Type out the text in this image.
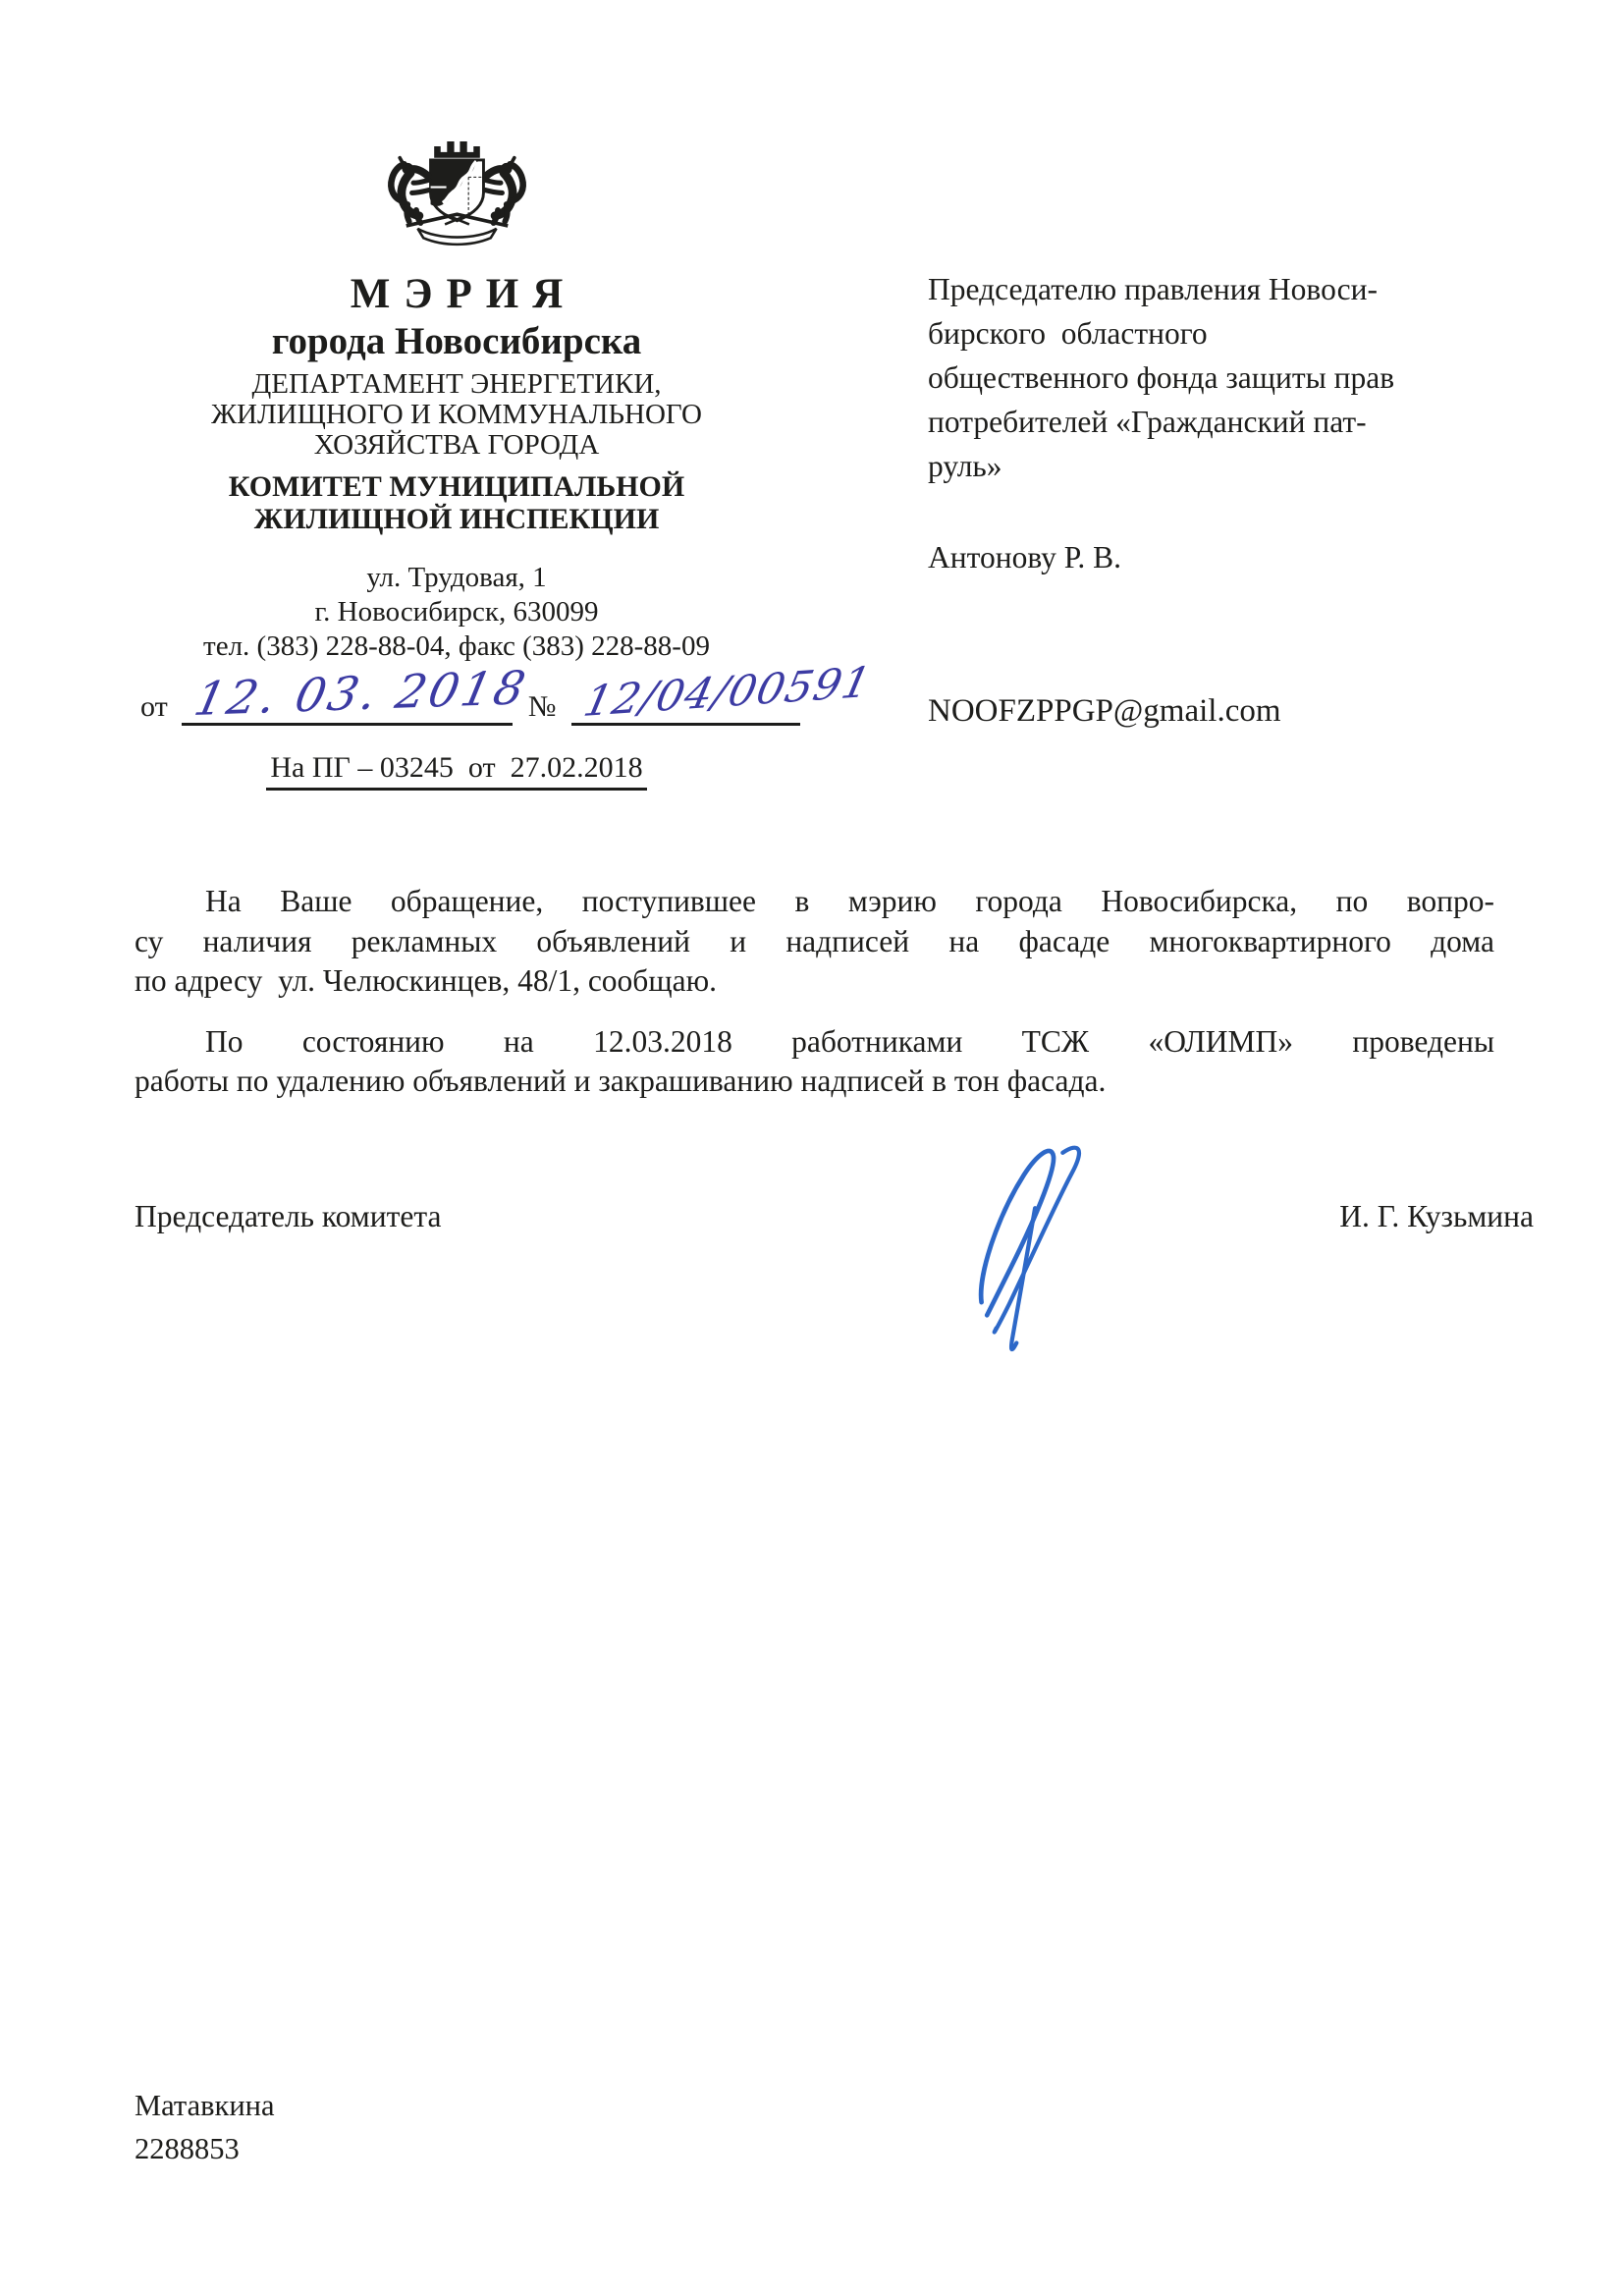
МЭРИЯ
города Новосибирска
ДЕПАРТАМЕНТ ЭНЕРГЕТИКИ,
ЖИЛИЩНОГО И КОММУНАЛЬНОГО
ХОЗЯЙСТВА ГОРОДА
КОМИТЕТ МУНИЦИПАЛЬНОЙ
ЖИЛИЩНОЙ ИНСПЕКЦИИ
ул. Трудовая, 1
г. Новосибирск, 630099
тел. (383) 228-88-04, факс (383) 228-88-09
от 12. 03. 2018
№ 12/04/00591
На ПГ – 03245  от  27.02.2018
Председателю правления Новоси-
бирского  областного
общественного фонда защиты прав
потребителей «Гражданский пат-
руль»
Антонову Р. В.
NOOFZPPGP@gmail.com
На Ваше обращение, поступившее в мэрию города Новосибирска, по вопро-
су наличия рекламных объявлений и надписей на фасаде многоквартирного дома
по адресу  ул. Челюскинцев, 48/1, сообщаю.
По состоянию на 12.03.2018 работниками ТСЖ «ОЛИМП» проведены
работы по удалению объявлений и закрашиванию надписей в тон фасада.
Председатель комитета	И. Г. Кузьмина
Матавкина
2288853
